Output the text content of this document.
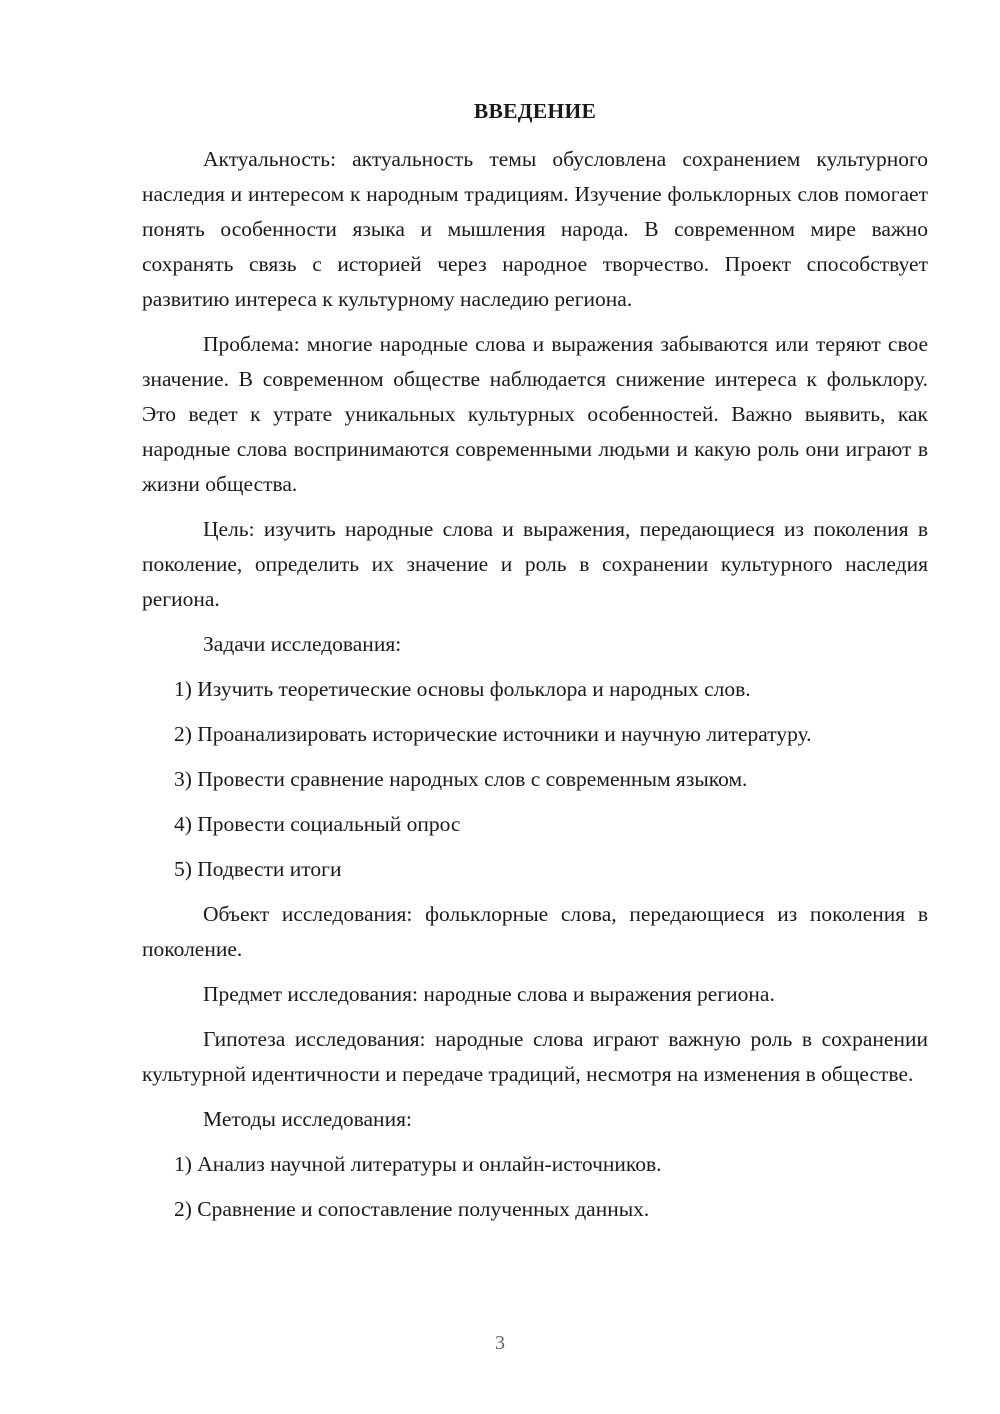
ВВЕДЕНИЕ

Актуальность: актуальность темы обусловлена сохранением культурного наследия и интересом к народным традициям. Изучение фольклорных слов помогает понять особенности языка и мышления народа. В современном мире важно сохранять связь с историей через народное творчество. Проект способствует развитию интереса к культурному наследию региона.

Проблема: многие народные слова и выражения забываются или теряют свое значение. В современном обществе наблюдается снижение интереса к фольклору. Это ведет к утрате уникальных культурных особенностей. Важно выявить, как народные слова воспринимаются современными людьми и какую роль они играют в жизни общества.

Цель: изучить народные слова и выражения, передающиеся из поколения в поколение, определить их значение и роль в сохранении культурного наследия региона.

Задачи исследования:

1) Изучить теоретические основы фольклора и народных слов.

2) Проанализировать исторические источники и научную литературу.

3) Провести сравнение народных слов с современным языком.

4) Провести социальный опрос

5) Подвести итоги

Объект исследования: фольклорные слова, передающиеся из поколения в поколение.

Предмет исследования: народные слова и выражения региона.

Гипотеза исследования: народные слова играют важную роль в сохранении культурной идентичности и передаче традиций, несмотря на изменения в обществе.

Методы исследования:

1) Анализ научной литературы и онлайн-источников.

2) Сравнение и сопоставление полученных данных.

3
